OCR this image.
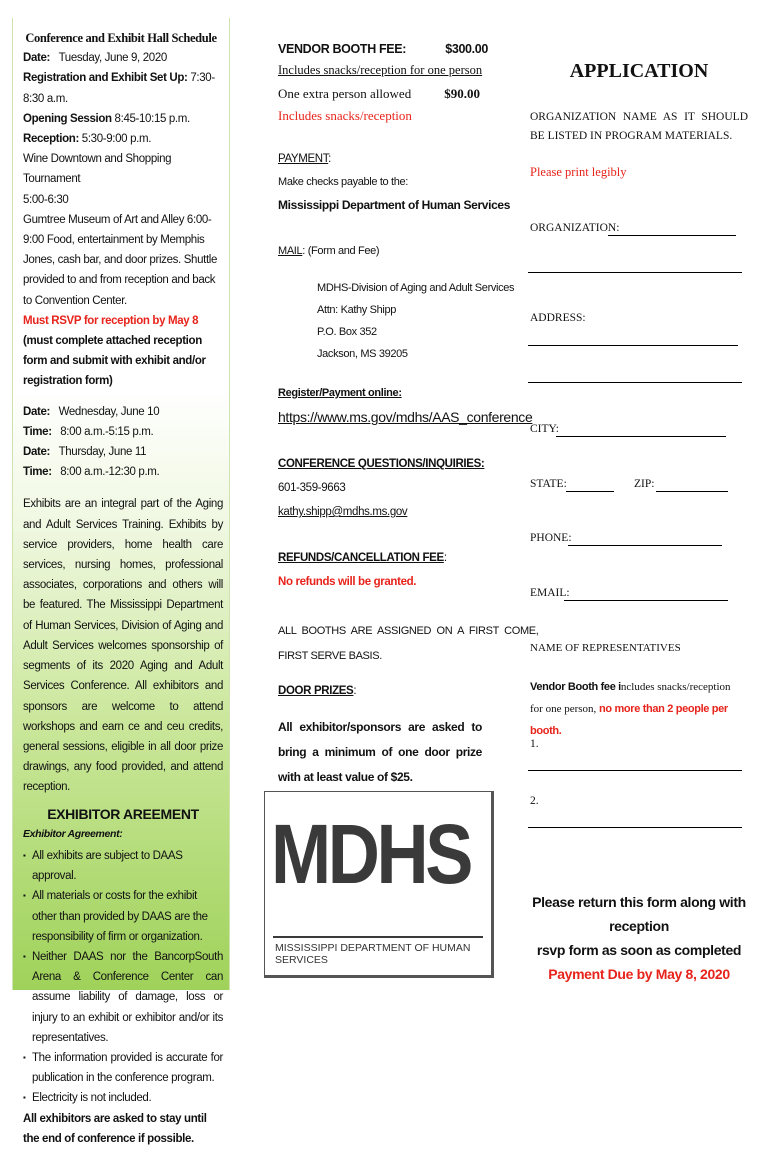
Conference and Exhibit Hall Schedule
Date: Tuesday, June 9, 2020
Registration and Exhibit Set Up: 7:30-8:30 a.m.
Opening Session 8:45-10:15 p.m.
Reception: 5:30-9:00 p.m.
Wine Downtown and Shopping Tournament
5:00-6:30
Gumtree Museum of Art and Alley 6:00-9:00 Food, entertainment by Memphis Jones, cash bar, and door prizes. Shuttle provided to and from reception and back to Convention Center.
Must RSVP for reception by May 8
(must complete attached reception form and submit with exhibit and/or registration form)
Date: Wednesday, June 10
Time: 8:00 a.m.-5:15 p.m.
Date: Thursday, June 11
Time: 8:00 a.m.-12:30 p.m.
Exhibits are an integral part of the Aging and Adult Services Training. Exhibits by service providers, home health care services, nursing homes, professional associates, corporations and others will be featured. The Mississippi Department of Human Services, Division of Aging and Adult Services welcomes sponsorship of segments of its 2020 Aging and Adult Services Conference. All exhibitors and sponsors are welcome to attend workshops and earn ce and ceu credits, general sessions, eligible in all door prize drawings, any food provided, and attend reception.
EXHIBITOR AREEMENT
Exhibitor Agreement:
▪ All exhibits are subject to DAAS approval.
▪ All materials or costs for the exhibit other than provided by DAAS are the responsibility of firm or organization.
▪ Neither DAAS nor the BancorpSouth Arena & Conference Center can assume liability of damage, loss or injury to an exhibit or exhibitor and/or its representatives.
▪ The information provided is accurate for publication in the conference program.
▪ Electricity is not included.
All exhibitors are asked to stay until the end of conference if possible.
VENDOR BOOTH FEE:	$300.00
Includes snacks/reception for one person
One extra person allowed	$90.00
Includes snacks/reception
PAYMENT:
Make checks payable to the:
Mississippi Department of Human Services
MAIL: (Form and Fee)
MDHS-Division of Aging and Adult Services
Attn: Kathy Shipp
P.O. Box 352
Jackson, MS 39205
Register/Payment online:
https://www.ms.gov/mdhs/AAS_conference
CONFERENCE QUESTIONS/INQUIRIES:
601-359-9663
kathy.shipp@mdhs.ms.gov
REFUNDS/CANCELLATION FEE:
No refunds will be granted.
ALL  BOOTHS  ARE  ASSIGNED  ON  A  FIRST  COME,
FIRST SERVE BASIS.
DOOR PRIZES:
All exhibitor/sponsors are asked to bring a minimum of one door prize with at least value of $25.
MDHS
MISSISSIPPI DEPARTMENT OF HUMAN SERVICES
APPLICATION
ORGANIZATION NAME AS IT SHOULD BE LISTED IN PROGRAM MATERIALS.
Please print legibly
ORGANIZATION:
ADDRESS:
CITY:
STATE:	ZIP:
PHONE:
EMAIL:
NAME OF REPRESENTATIVES
Vendor Booth fee includes snacks/reception for one person, no more than 2 people per booth.
1.
2.
Please return this form along with reception
rsvp form as soon as completed
Payment Due by May 8, 2020
